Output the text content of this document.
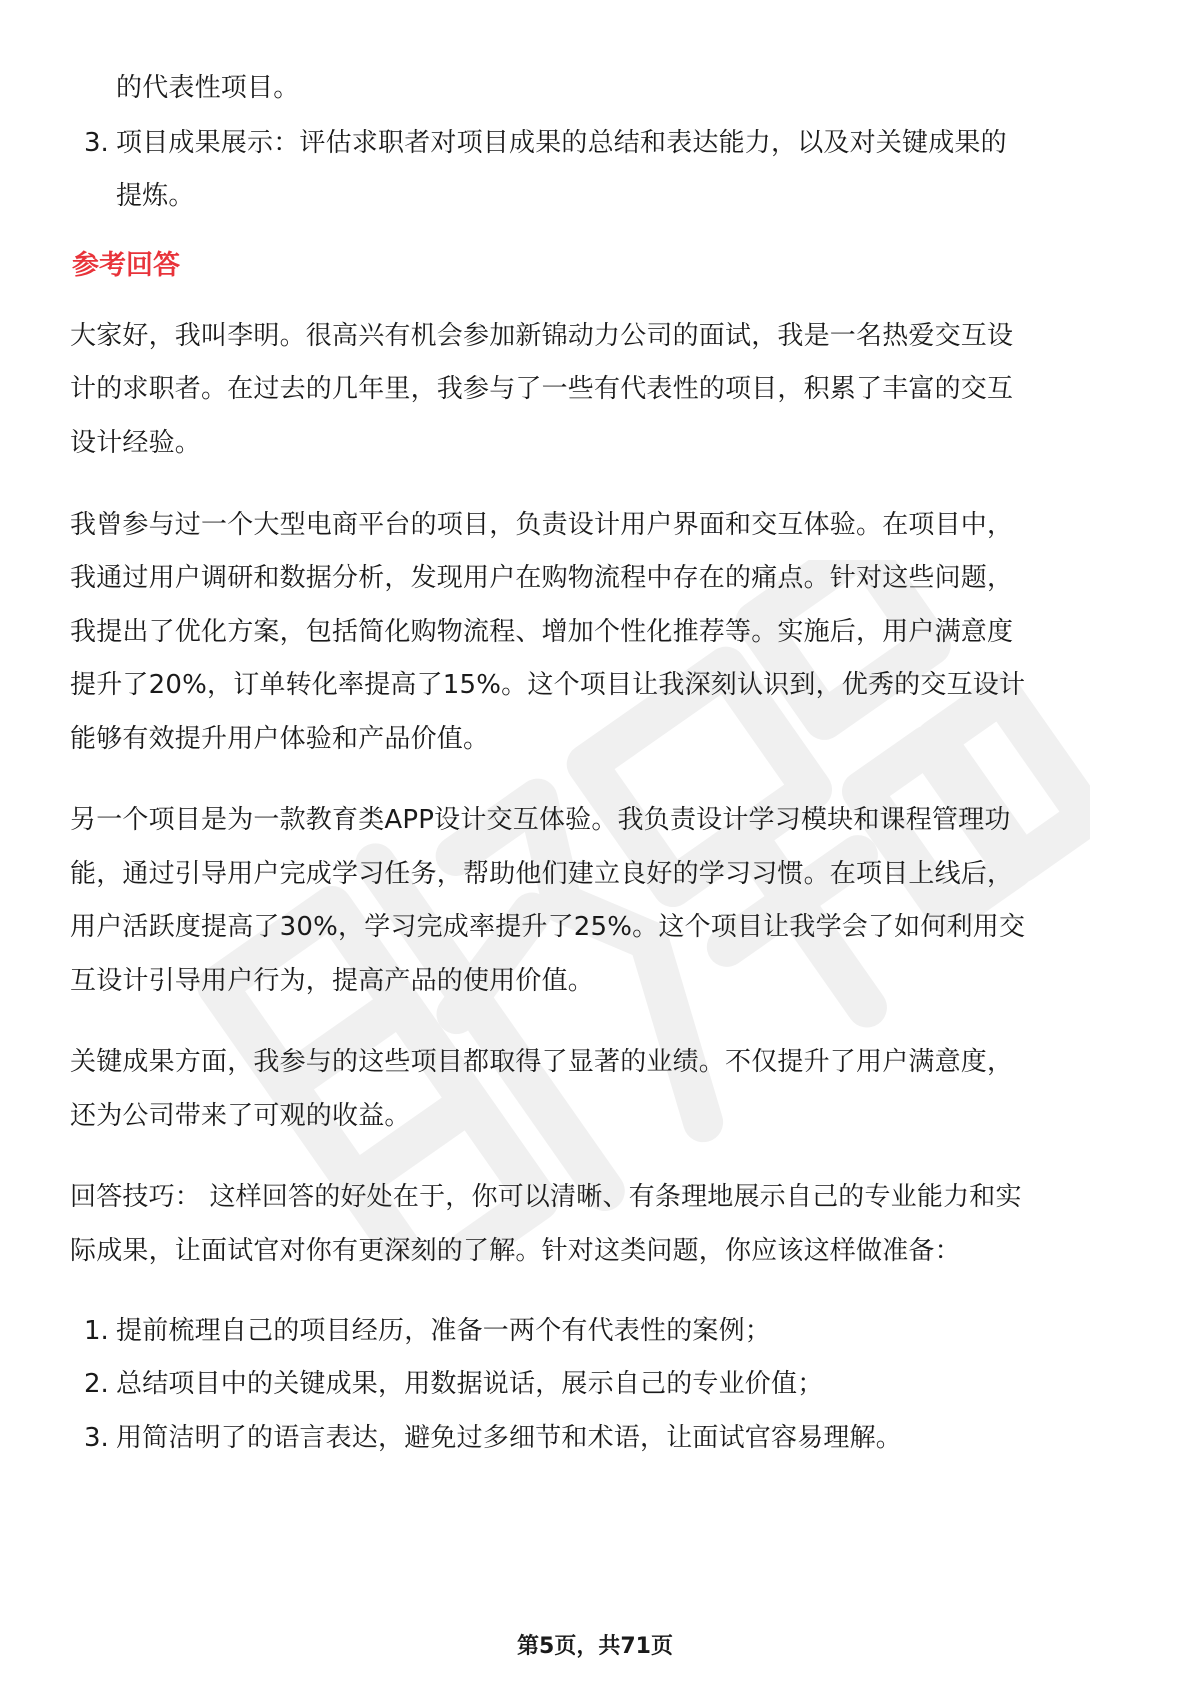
的代表性项目。
3. 项目成果展示：评估求职者对项目成果的总结和表达能力，以及对关键成果的
提炼。
参考回答
大家好，我叫李明。很高兴有机会参加新锦动力公司的面试，我是一名热爱交互设
计的求职者。在过去的几年里，我参与了一些有代表性的项目，积累了丰富的交互
设计经验。
我曾参与过一个大型电商平台的项目，负责设计用户界面和交互体验。在项目中，
我通过用户调研和数据分析，发现用户在购物流程中存在的痛点。针对这些问题，
我提出了优化方案，包括简化购物流程、增加个性化推荐等。实施后，用户满意度
提升了20%，订单转化率提高了15%。这个项目让我深刻认识到，优秀的交互设计
能够有效提升用户体验和产品价值。
另一个项目是为一款教育类APP设计交互体验。我负责设计学习模块和课程管理功
能，通过引导用户完成学习任务，帮助他们建立良好的学习习惯。在项目上线后，
用户活跃度提高了30%，学习完成率提升了25%。这个项目让我学会了如何利用交
互设计引导用户行为，提高产品的使用价值。
关键成果方面，我参与的这些项目都取得了显著的业绩。不仅提升了用户满意度，
还为公司带来了可观的收益。
回答技巧： 这样回答的好处在于，你可以清晰、有条理地展示自己的专业能力和实
际成果，让面试官对你有更深刻的了解。针对这类问题，你应该这样做准备：
1. 提前梳理自己的项目经历，准备一两个有代表性的案例；
2. 总结项目中的关键成果，用数据说话，展示自己的专业价值；
3. 用简洁明了的语言表达，避免过多细节和术语，让面试官容易理解。
第5页，共71页
